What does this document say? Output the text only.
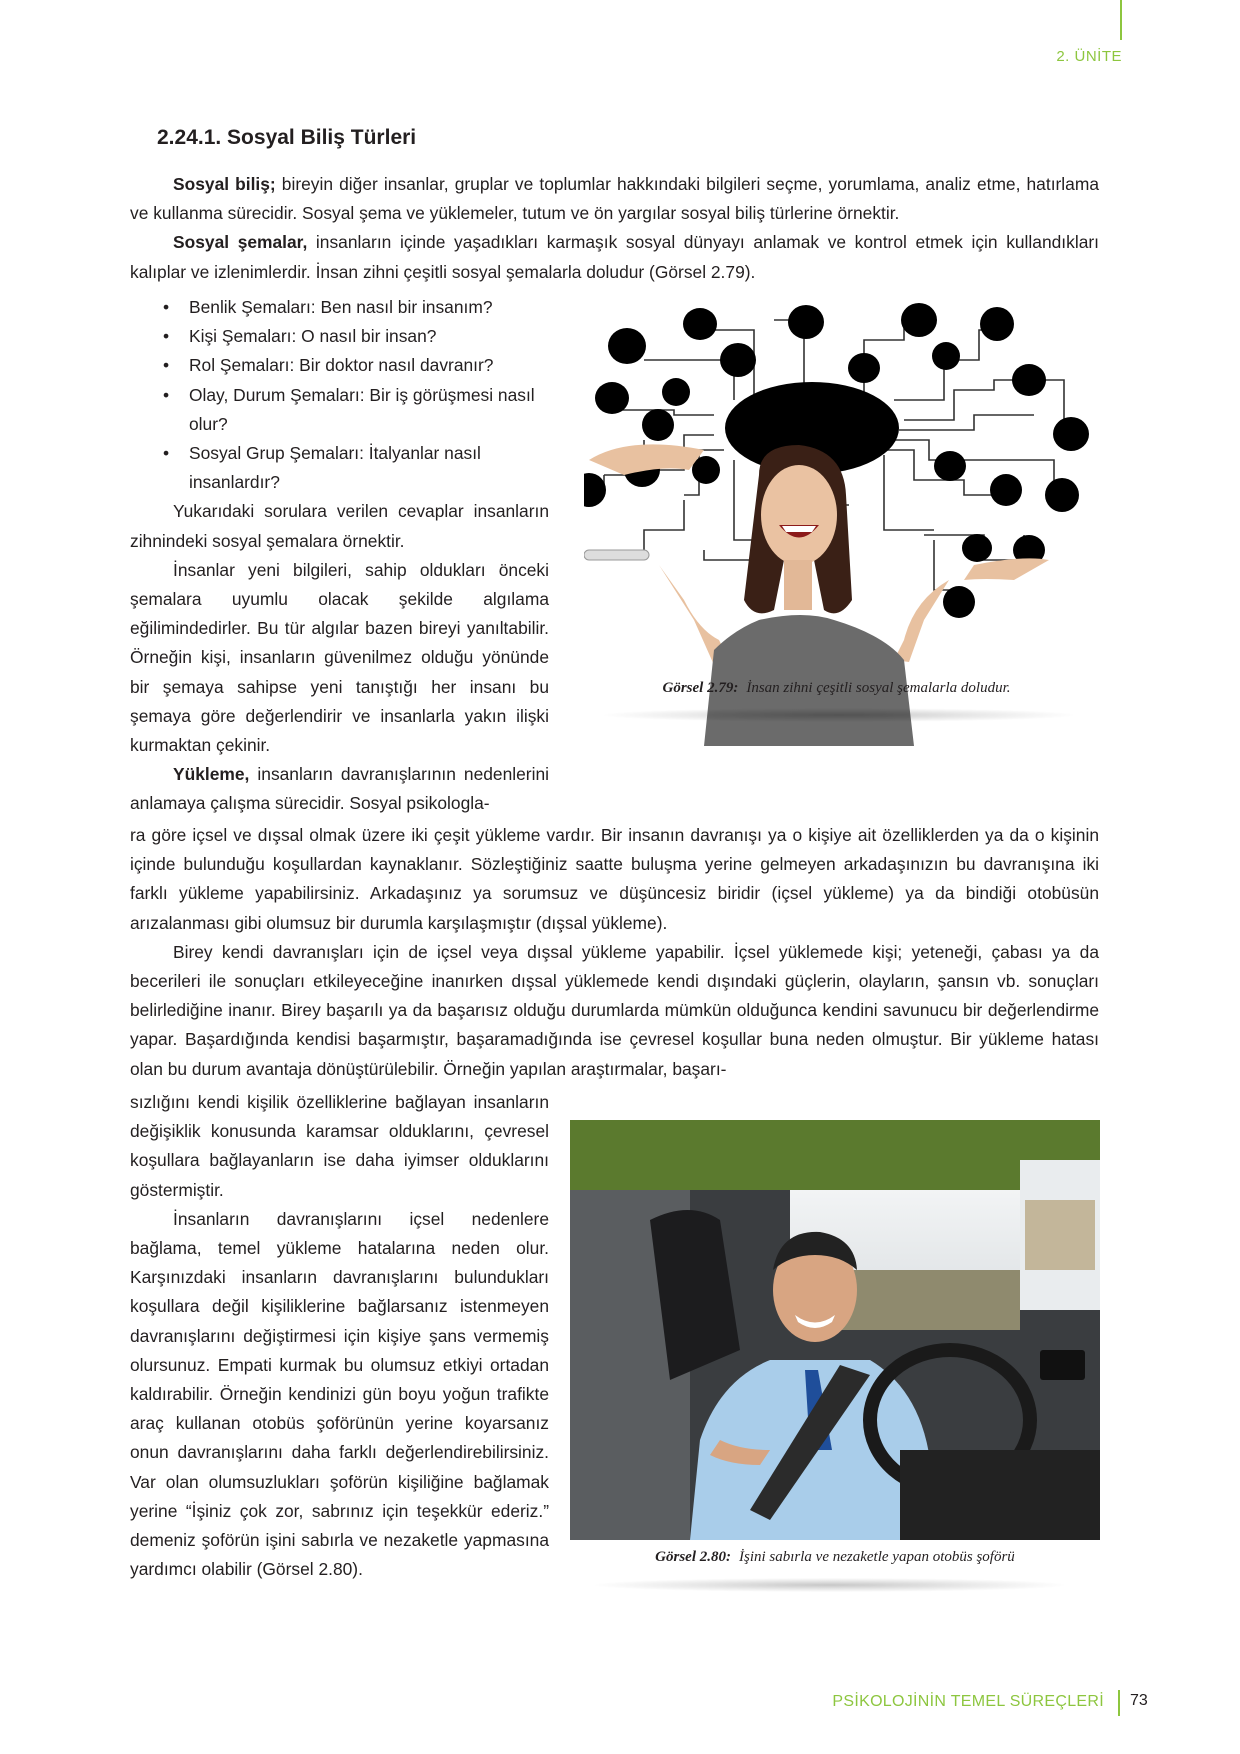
2. ÜNİTE
2.24.1. Sosyal Biliş Türleri

Sosyal biliş; bireyin diğer insanlar, gruplar ve toplumlar hakkındaki bilgileri seçme, yorumlama, analiz etme, hatırlama ve kullanma sürecidir. Sosyal şema ve yüklemeler, tutum ve ön yargılar sosyal biliş türlerine örnektir.

Sosyal şemalar, insanların içinde yaşadıkları karmaşık sosyal dünyayı anlamak ve kontrol etmek için kullandıkları kalıplar ve izlenimlerdir. İnsan zihni çeşitli sosyal şemalarla doludur (Görsel 2.79).

• Benlik Şemaları: Ben nasıl bir insanım?
• Kişi Şemaları: O nasıl bir insan?
• Rol Şemaları: Bir doktor nasıl davranır?
• Olay, Durum Şemaları: Bir iş görüşmesi nasıl olur?
• Sosyal Grup Şemaları: İtalyanlar nasıl insanlardır?

Yukarıdaki sorulara verilen cevaplar insanların zihnindeki sosyal şemalara örnektir.

İnsanlar yeni bilgileri, sahip oldukları önceki şemalara uyumlu olacak şekilde algılama eğilimindedirler. Bu tür algılar bazen bireyi yanıltabilir. Örneğin kişi, insanların güvenilmez olduğu yönünde bir şemaya sahipse yeni tanıştığı her insanı bu şemaya göre değerlendirir ve insanlarla yakın ilişki kurmaktan çekinir.

Yükleme, insanların davranışlarının nedenlerini anlamaya çalışma sürecidir. Sosyal psikologla-

Görsel 2.79: İnsan zihni çeşitli sosyal şemalarla doludur.

ra göre içsel ve dışsal olmak üzere iki çeşit yükleme vardır. Bir insanın davranışı ya o kişiye ait özelliklerden ya da o kişinin içinde bulunduğu koşullardan kaynaklanır. Sözleştiğiniz saatte buluşma yerine gelmeyen arkadaşınızın bu davranışına iki farklı yükleme yapabilirsiniz. Arkadaşınız ya sorumsuz ve düşüncesiz biridir (içsel yükleme) ya da bindiği otobüsün arızalanması gibi olumsuz bir durumla karşılaşmıştır (dışsal yükleme).

Birey kendi davranışları için de içsel veya dışsal yükleme yapabilir. İçsel yüklemede kişi; yeteneği, çabası ya da becerileri ile sonuçları etkileyeceğine inanırken dışsal yüklemede kendi dışındaki güçlerin, olayların, şansın vb. sonuçları belirlediğine inanır. Birey başarılı ya da başarısız olduğu durumlarda mümkün olduğunca kendini savunucu bir değerlendirme yapar. Başardığında kendisi başarmıştır, başaramadığında ise çevresel koşullar buna neden olmuştur. Bir yükleme hatası olan bu durum avantaja dönüştürülebilir. Örneğin yapılan araştırmalar, başarı-

sızlığını kendi kişilik özelliklerine bağlayan insanların değişiklik konusunda karamsar olduklarını, çevresel koşullara bağlayanların ise daha iyimser olduklarını göstermiştir.

İnsanların davranışlarını içsel nedenlere bağlama, temel yükleme hatalarına neden olur. Karşınızdaki insanların davranışlarını bulundukları koşullara değil kişiliklerine bağlarsanız istenmeyen davranışlarını değiştirmesi için kişiye şans vermemiş olursunuz. Empati kurmak bu olumsuz etkiyi ortadan kaldırabilir. Örneğin kendinizi gün boyu yoğun trafikte araç kullanan otobüs şoförünün yerine koyarsanız onun davranışlarını daha farklı değerlendirebilirsiniz. Var olan olumsuzlukları şoförün kişiliğine bağlamak yerine “İşiniz çok zor, sabrınız için teşekkür ederiz.” demeniz şoförün işini sabırla ve nezaketle yapmasına yardımcı olabilir (Görsel 2.80).

Görsel 2.80: İşini sabırla ve nezaketle yapan otobüs şoförü
PSİKOLOJİNİN TEMEL SÜREÇLERİ 73
